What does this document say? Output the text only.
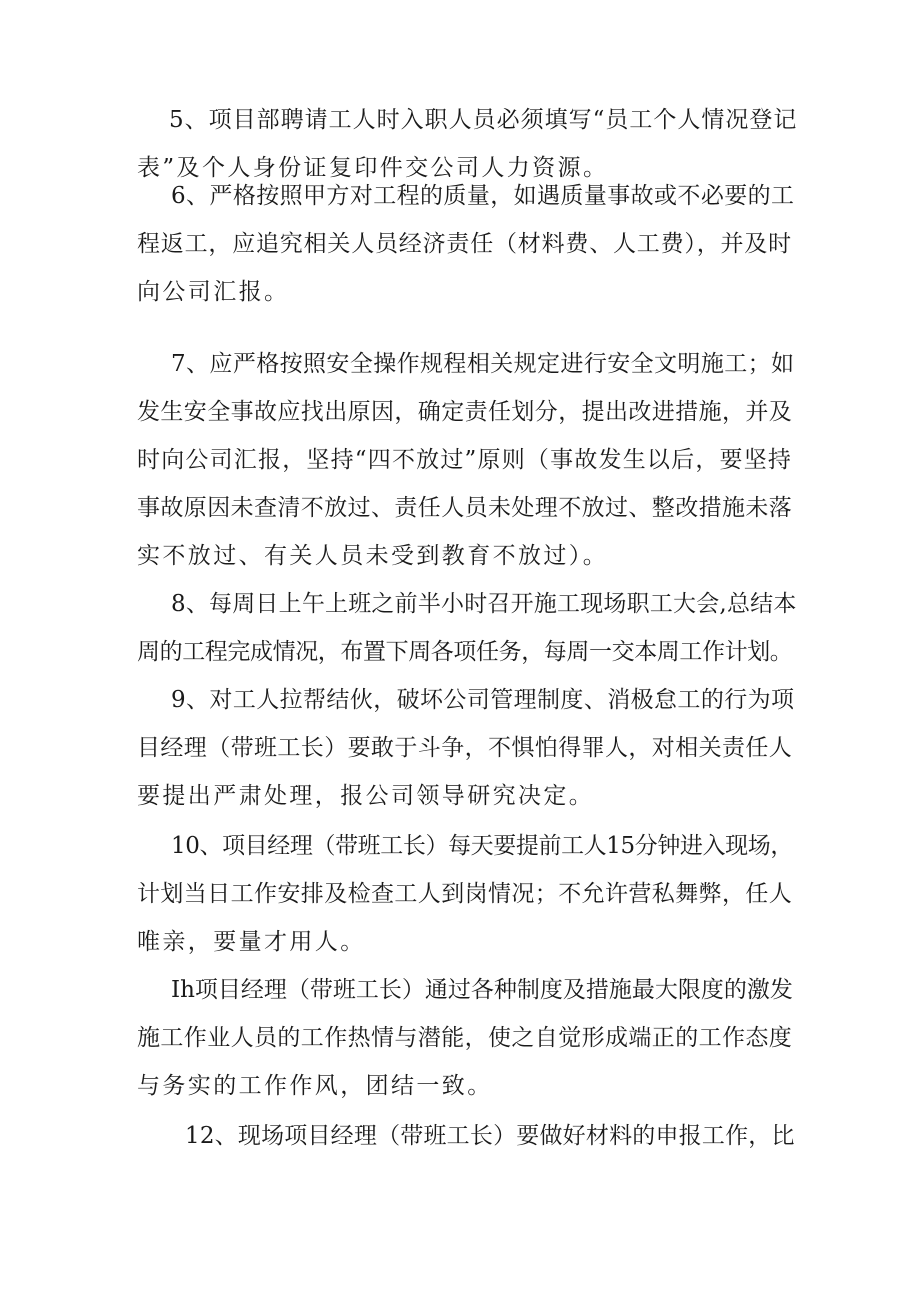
5、项目部聘请工人时入职人员必须填写“员工个人情况登记
表”及个人身份证复印件交公司人力资源。
6、严格按照甲方对工程的质量，如遇质量事故或不必要的工
程返工，应追究相关人员经济责任（材料费、人工费），并及时
向公司汇报。
7、应严格按照安全操作规程相关规定进行安全文明施工；如
发生安全事故应找出原因，确定责任划分，提出改进措施，并及
时向公司汇报，坚持“四不放过”原则（事故发生以后，要坚持
事故原因未查清不放过、责任人员未处理不放过、整改措施未落
实不放过、有关人员未受到教育不放过）。
8、每周日上午上班之前半小时召开施工现场职工大会,总结本
周的工程完成情况，布置下周各项任务，每周一交本周工作计划。
9、对工人拉帮结伙，破坏公司管理制度、消极怠工的行为项
目经理（带班工长）要敢于斗争，不惧怕得罪人，对相关责任人
要提出严肃处理，报公司领导研究决定。
10、项目经理（带班工长）每天要提前工人15分钟进入现场，
计划当日工作安排及检查工人到岗情况；不允许营私舞弊，任人
唯亲，要量才用人。
Ih项目经理（带班工长）通过各种制度及措施最大限度的激发
施工作业人员的工作热情与潜能，使之自觉形成端正的工作态度
与务实的工作作风，团结一致。
12、现场项目经理（带班工长）要做好材料的申报工作，比
